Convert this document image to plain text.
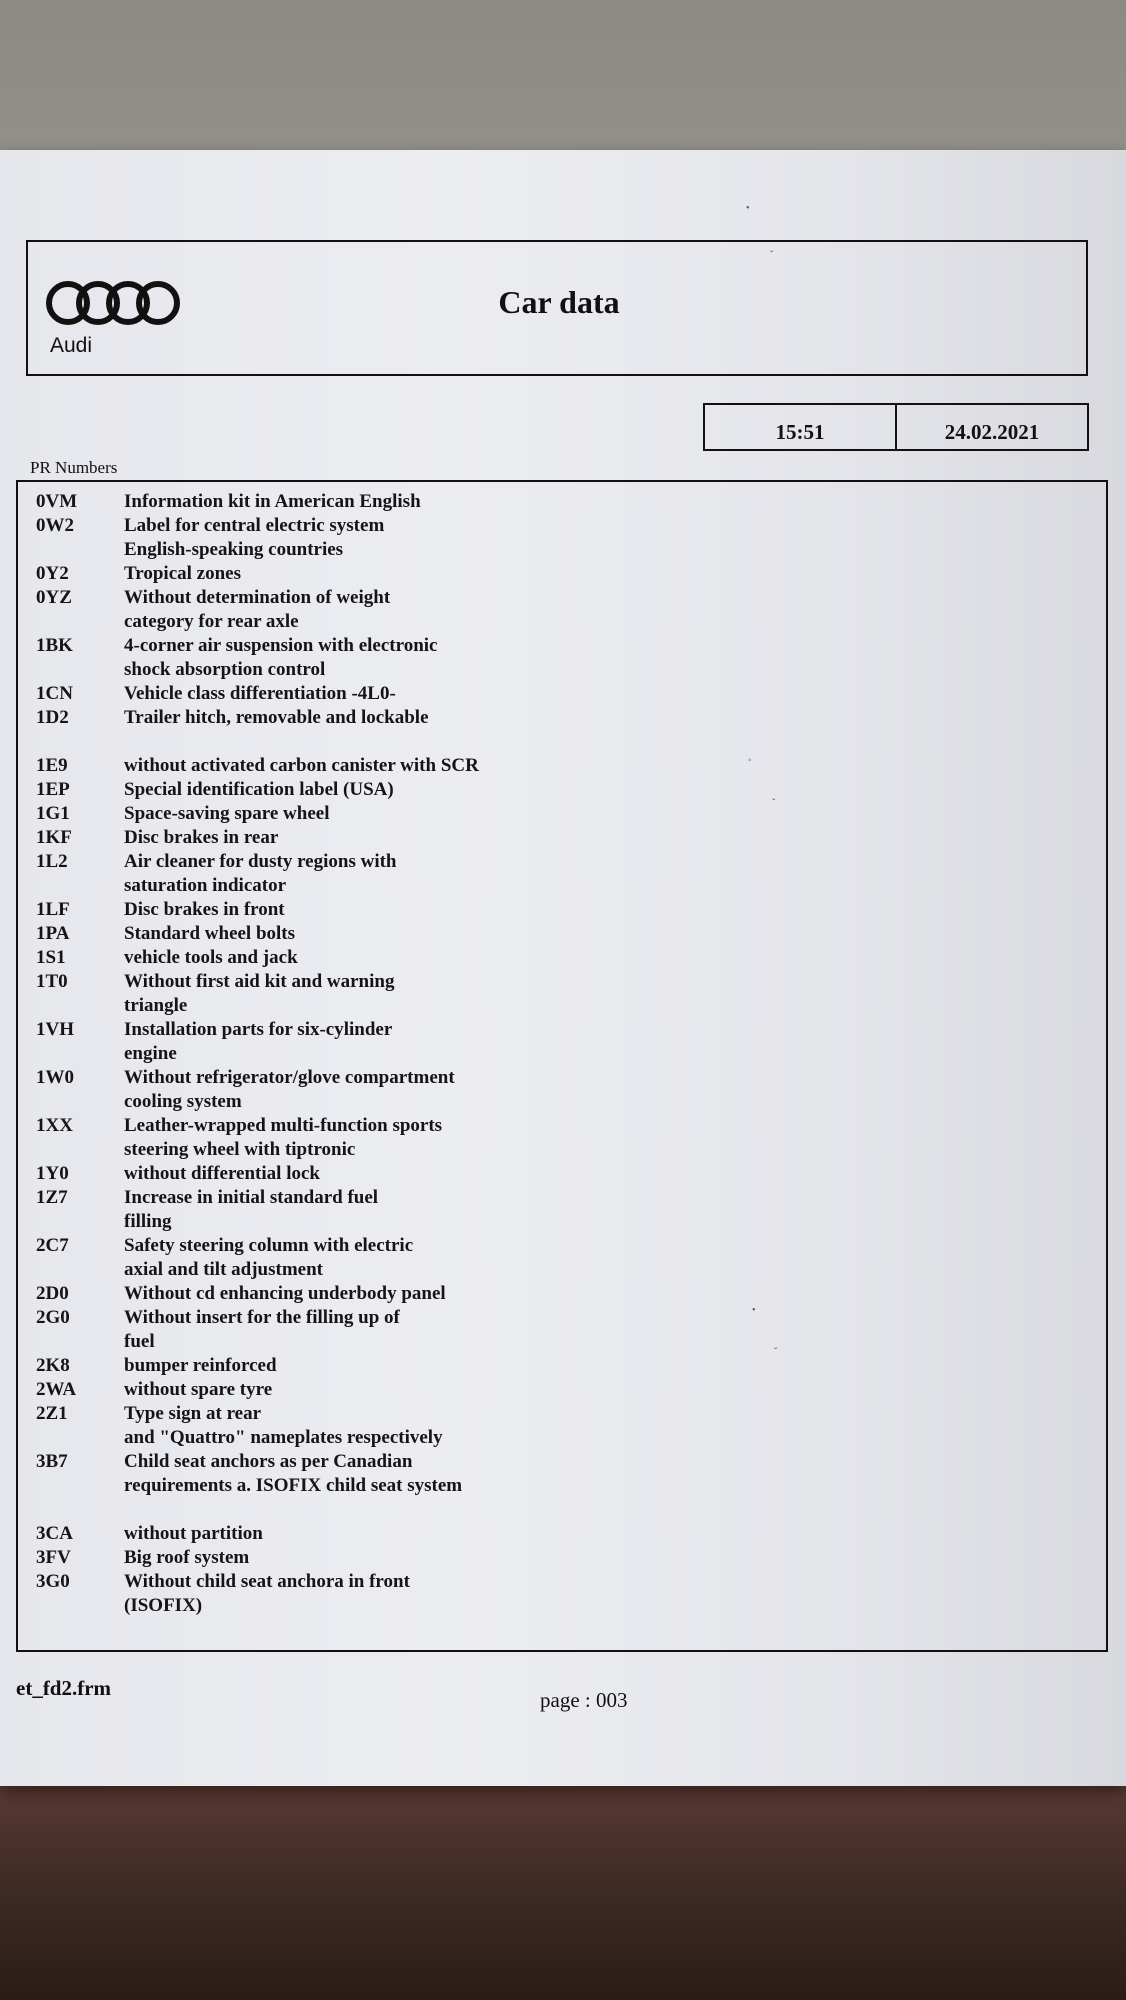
•
ˇ
◦
ˇ
•
ˇ
Audi
Car data
15:51	24.02.2021
PR Numbers
0VM	Information kit in American English
0W2	Label for central electric system
English-speaking countries
0Y2	Tropical zones
0YZ	Without determination of weight
category for rear axle
1BK	4-corner air suspension with electronic
shock absorption control
1CN	Vehicle class differentiation -4L0-
1D2	Trailer hitch, removable and lockable
1E9	without activated carbon canister with SCR
1EP	Special identification label (USA)
1G1	Space-saving spare wheel
1KF	Disc brakes in rear
1L2	Air cleaner for dusty regions with
saturation indicator
1LF	Disc brakes in front
1PA	Standard wheel bolts
1S1	vehicle tools and jack
1T0	Without first aid kit and warning
triangle
1VH	Installation parts for six-cylinder
engine
1W0	Without refrigerator/glove compartment
cooling system
1XX	Leather-wrapped multi-function sports
steering wheel with tiptronic
1Y0	without differential lock
1Z7	Increase in initial standard fuel
filling
2C7	Safety steering column with electric
axial and tilt adjustment
2D0	Without cd enhancing underbody panel
2G0	Without insert for the filling up of
fuel
2K8	bumper reinforced
2WA	without spare tyre
2Z1	Type sign at rear
and "Quattro" nameplates respectively
3B7	Child seat anchors as per Canadian
requirements a. ISOFIX child seat system
3CA	without partition
3FV	Big roof system
3G0	Without child seat anchora in front
(ISOFIX)
et_fd2.frm	page : 003
